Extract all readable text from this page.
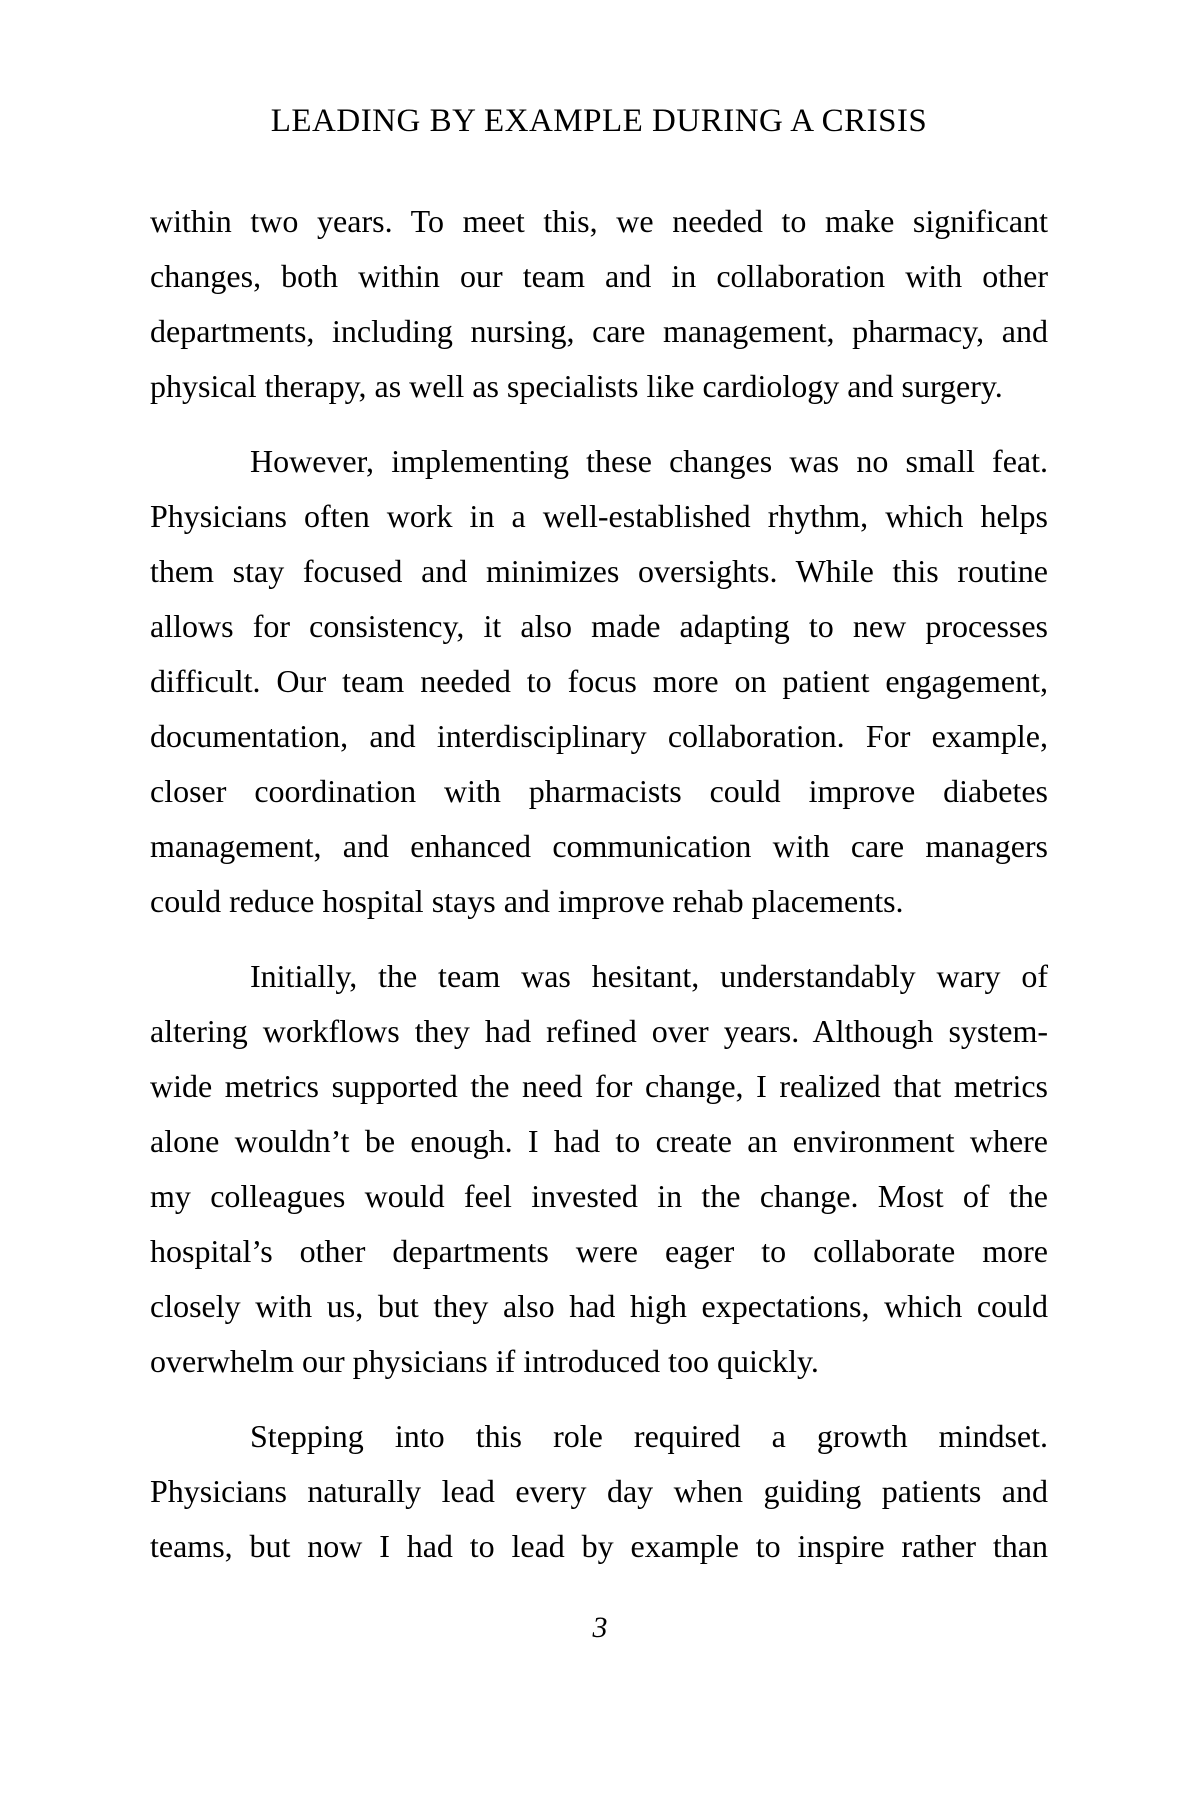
LEADING BY EXAMPLE DURING A CRISIS
within two years. To meet this, we needed to make significant
changes, both within our team and in collaboration with other
departments, including nursing, care management, pharmacy, and
physical therapy, as well as specialists like cardiology and surgery.
However, implementing these changes was no small feat.
Physicians often work in a well-established rhythm, which helps
them stay focused and minimizes oversights. While this routine
allows for consistency, it also made adapting to new processes
difficult. Our team needed to focus more on patient engagement,
documentation, and interdisciplinary collaboration. For example,
closer coordination with pharmacists could improve diabetes
management, and enhanced communication with care managers
could reduce hospital stays and improve rehab placements.
Initially, the team was hesitant, understandably wary of
altering workflows they had refined over years. Although system-
wide metrics supported the need for change, I realized that metrics
alone wouldn’t be enough. I had to create an environment where
my colleagues would feel invested in the change. Most of the
hospital’s other departments were eager to collaborate more
closely with us, but they also had high expectations, which could
overwhelm our physicians if introduced too quickly.
Stepping into this role required a growth mindset.
Physicians naturally lead every day when guiding patients and
teams, but now I had to lead by example to inspire rather than
3
